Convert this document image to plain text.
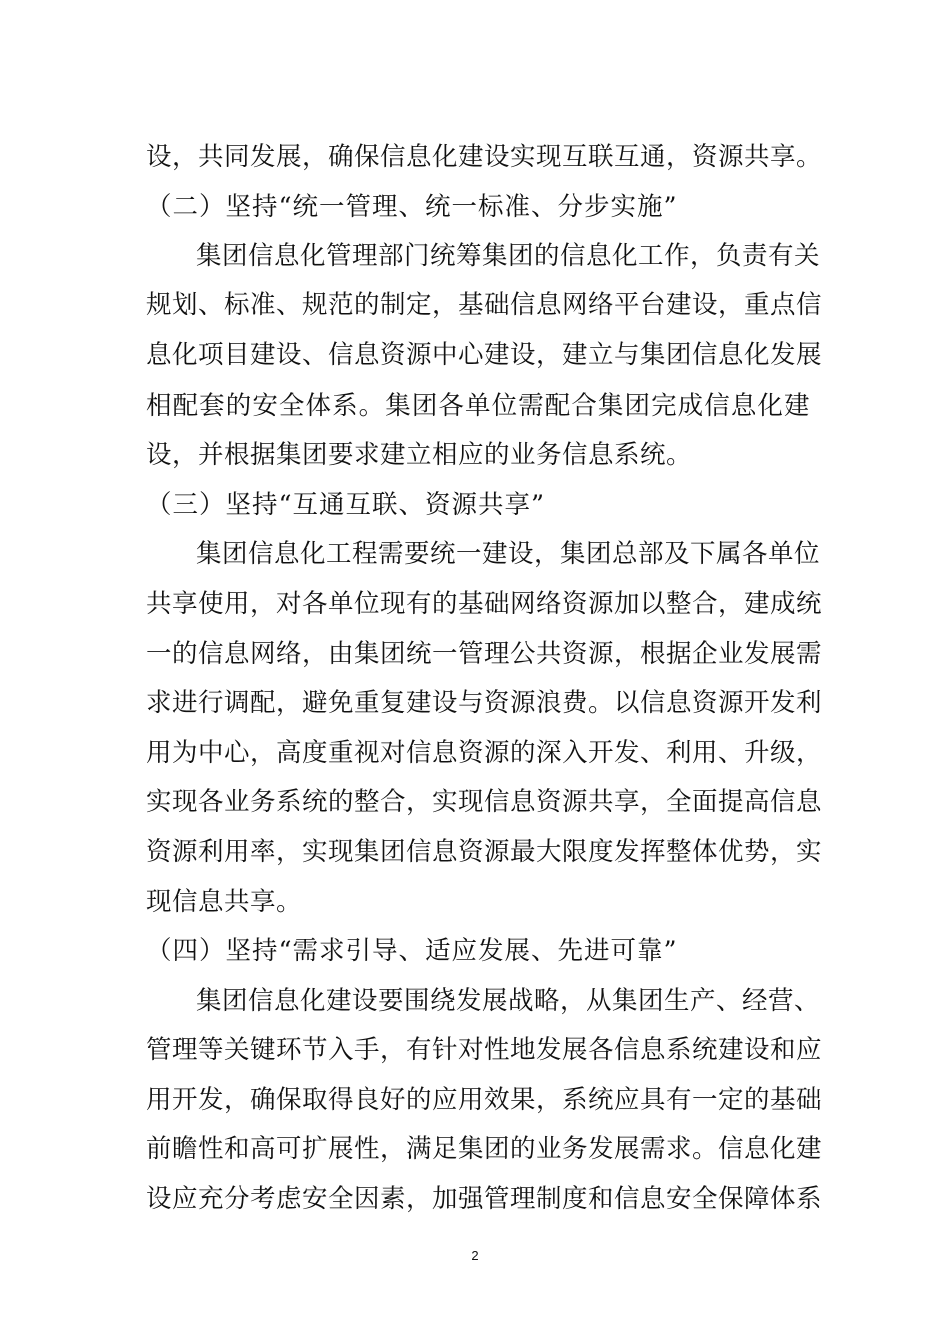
设，共同发展，确保信息化建设实现互联互通，资源共享。
（二）坚持“统一管理、统一标准、分步实施”
集团信息化管理部门统筹集团的信息化工作，负责有关
规划、标准、规范的制定，基础信息网络平台建设，重点信
息化项目建设、信息资源中心建设，建立与集团信息化发展
相配套的安全体系。集团各单位需配合集团完成信息化建
设，并根据集团要求建立相应的业务信息系统。
（三）坚持“互通互联、资源共享”
集团信息化工程需要统一建设，集团总部及下属各单位
共享使用，对各单位现有的基础网络资源加以整合，建成统
一的信息网络，由集团统一管理公共资源，根据企业发展需
求进行调配，避免重复建设与资源浪费。以信息资源开发利
用为中心，高度重视对信息资源的深入开发、利用、升级，
实现各业务系统的整合，实现信息资源共享，全面提高信息
资源利用率，实现集团信息资源最大限度发挥整体优势，实
现信息共享。
（四）坚持“需求引导、适应发展、先进可靠”
集团信息化建设要围绕发展战略，从集团生产、经营、
管理等关键环节入手，有针对性地发展各信息系统建设和应
用开发，确保取得良好的应用效果，系统应具有一定的基础
前瞻性和高可扩展性，满足集团的业务发展需求。信息化建
设应充分考虑安全因素，加强管理制度和信息安全保障体系
2
